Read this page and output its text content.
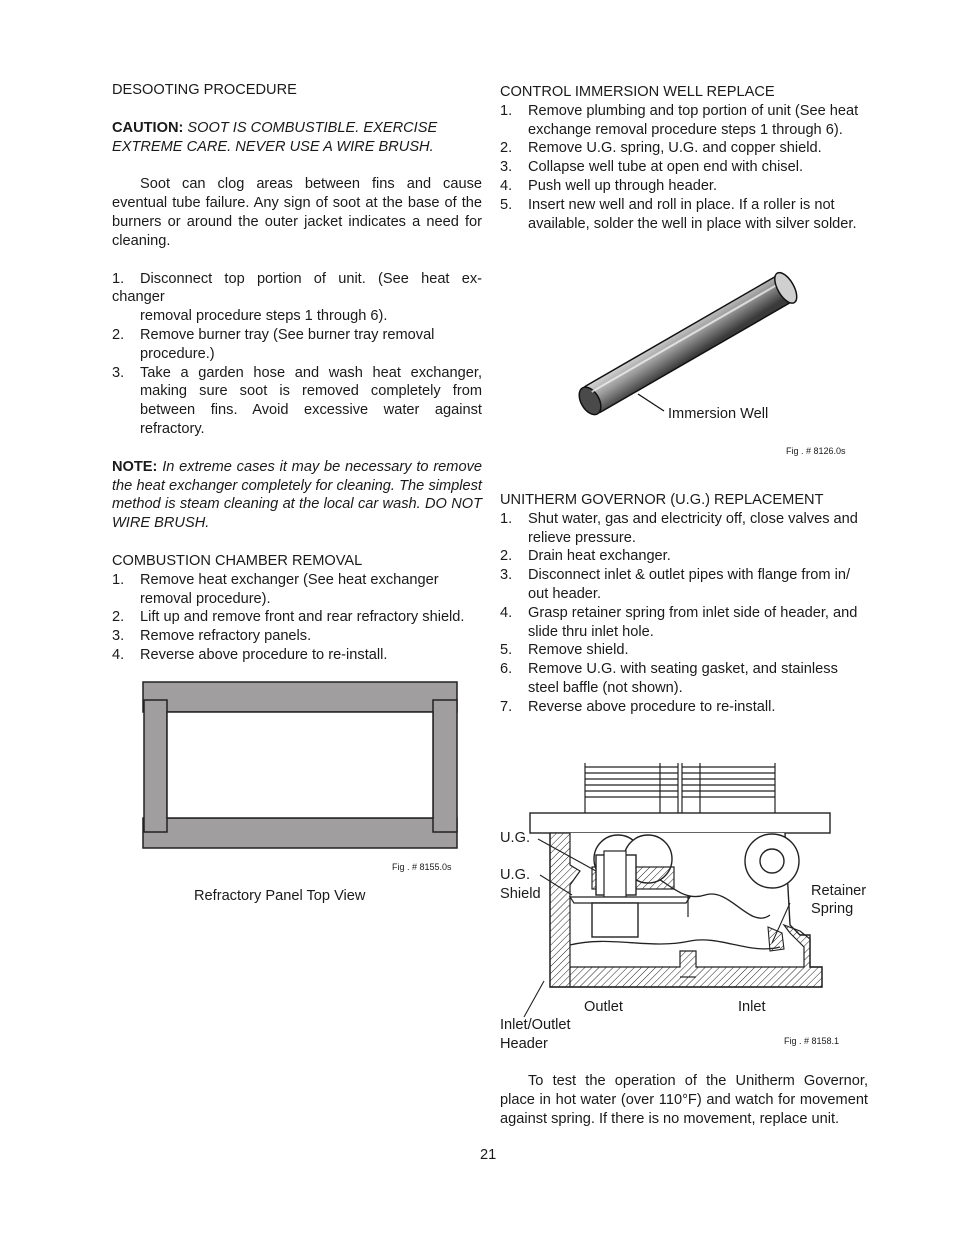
DESOOTING PROCEDURE
CAUTION: SOOT IS COMBUSTIBLE. EXERCISE EXTREME CARE. NEVER USE A WIRE BRUSH.
Soot can clog areas between fins and cause eventual tube failure. Any sign of soot at the base of the burners or around the outer jacket indicates a need for cleaning.
1. Disconnect top portion of unit. (See heat ex-
changer
removal procedure steps 1 through 6).
2. Remove burner tray (See burner tray removal procedure.)
3. Take a garden hose and wash heat exchanger, making sure soot is removed completely from between fins. Avoid excessive water against refractory.
NOTE: In extreme cases it may be necessary to remove the heat exchanger completely for cleaning. The simplest method is steam cleaning at the local car wash. DO NOT WIRE BRUSH.
COMBUSTION CHAMBER REMOVAL
1. Remove heat exchanger (See heat exchanger removal procedure).
2. Lift up and remove front and rear refractory shield.
3. Remove refractory panels.
4. Reverse above procedure to re-install.
Fig . # 8155.0s
Refractory Panel Top View
CONTROL IMMERSION WELL REPLACE
1. Remove plumbing and top portion of unit (See heat exchange removal procedure steps 1 through 6).
2. Remove U.G. spring, U.G. and copper shield.
3. Collapse well tube at open end with chisel.
4. Push well up through header.
5. Insert new well and roll in place. If a roller is not available, solder the well in place with silver solder.
Immersion Well
Fig . # 8126.0s
UNITHERM GOVERNOR (U.G.) REPLACEMENT
1. Shut water, gas and electricity off, close valves and relieve pressure.
2. Drain heat exchanger.
3. Disconnect inlet & outlet pipes with flange from in/ out header.
4. Grasp retainer spring from inlet side of header, and slide thru inlet hole.
5. Remove shield.
6. Remove U.G. with seating gasket, and stainless steel baffle (not shown).
7. Reverse above procedure to re-install.
U.G.
U.G.
Shield	Retainer
Spring
Outlet	Inlet
Inlet/Outlet
Header	Fig . # 8158.1
To test the operation of the Unitherm Governor, place in hot water (over 110°F) and watch for movement against spring. If there is no movement, replace unit.
21
